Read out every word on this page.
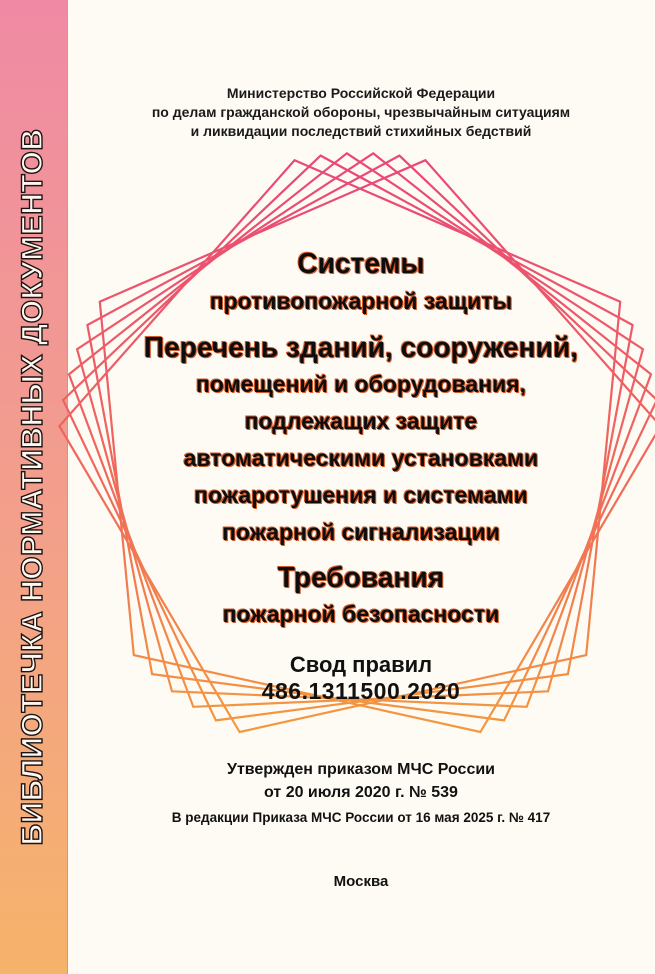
БИБЛИОТЕЧКА НОРМАТИВНЫХ ДОКУМЕНТОВ
Министерство Российской Федерации
по делам гражданской обороны, чрезвычайным ситуациям
и ликвидации последствий стихийных бедствий
Системы
противопожарной защиты
Перечень зданий, сооружений,
помещений и оборудования,
подлежащих защите
автоматическими установками
пожаротушения и системами
пожарной сигнализации
Требования
пожарной безопасности
Свод правил
486.1311500.2020
Утвержден приказом МЧС России
от 20 июля 2020 г. № 539
В редакции Приказа МЧС России от 16 мая 2025 г. № 417
Москва
